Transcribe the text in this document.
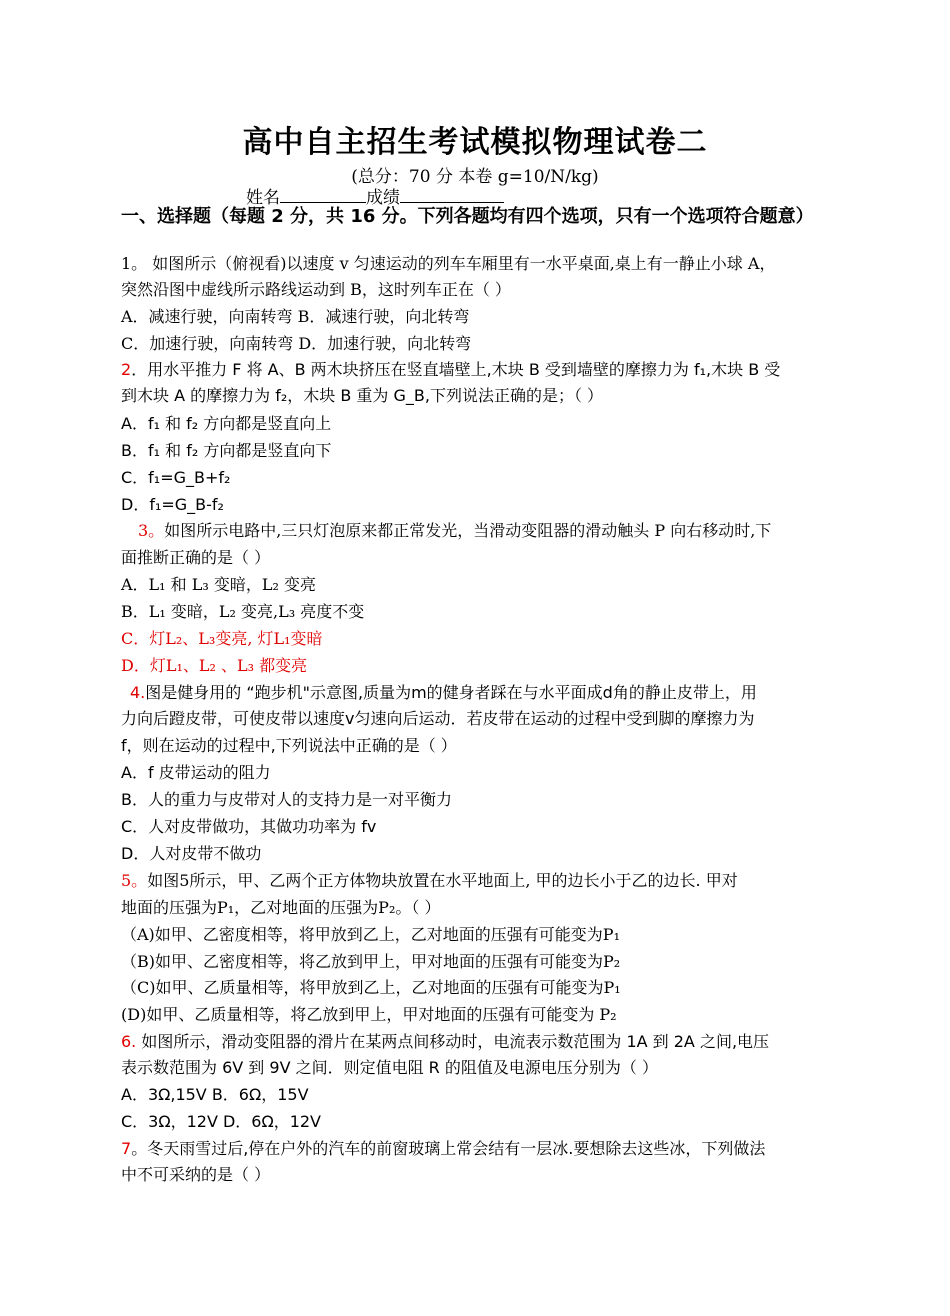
高中自主招生考试模拟物理试卷二
(总分：70 分 本卷 g=10/N/kg)
姓名	成绩
一、选择题（每题 2 分，共 16 分。下列各题均有四个选项，只有一个选项符合题意）
1。 如图所示（俯视看)以速度 v 匀速运动的列车车厢里有一水平桌面,桌上有一静止小球 A，
突然沿图中虚线所示路线运动到 B，这时列车正在（ ）
A．减速行驶，向南转弯 B．减速行驶，向北转弯
C．加速行驶，向南转弯 D．加速行驶，向北转弯
2．用水平推力 F 将 A、B 两木块挤压在竖直墙壁上,木块 B 受到墙壁的摩擦力为 f₁,木块 B 受
到木块 A 的摩擦力为 f₂，木块 B 重为 G_B,下列说法正确的是；（ ）
A．f₁ 和 f₂ 方向都是竖直向上
B．f₁ 和 f₂ 方向都是竖直向下
C．f₁=G_B+f₂
D．f₁=G_B-f₂
3。如图所示电路中,三只灯泡原来都正常发光，当滑动变阻器的滑动触头 P 向右移动时,下
面推断正确的是（ ）
A．L₁ 和 L₃ 变暗，L₂ 变亮
B．L₁ 变暗，L₂ 变亮,L₃ 亮度不变
C．灯L₂、L₃变亮, 灯L₁变暗
D．灯L₁、L₂ 、L₃ 都变亮
4.图是健身用的 “跑步机"示意图,质量为m的健身者踩在与水平面成d角的静止皮带上，用
力向后蹬皮带，可使皮带以速度v匀速向后运动．若皮带在运动的过程中受到脚的摩擦力为
f，则在运动的过程中,下列说法中正确的是（ ）
A．f 皮带运动的阻力
B．人的重力与皮带对人的支持力是一对平衡力
C．人对皮带做功，其做功功率为 fv
D．人对皮带不做功
5。如图5所示，甲、乙两个正方体物块放置在水平地面上, 甲的边长小于乙的边长. 甲对
地面的压强为P₁，乙对地面的压强为P₂。（ ）
（A)如甲、乙密度相等，将甲放到乙上，乙对地面的压强有可能变为P₁
（B)如甲、乙密度相等，将乙放到甲上，甲对地面的压强有可能变为P₂
（C)如甲、乙质量相等，将甲放到乙上，乙对地面的压强有可能变为P₁
(D)如甲、乙质量相等，将乙放到甲上，甲对地面的压强有可能变为 P₂
6. 如图所示，滑动变阻器的滑片在某两点间移动时，电流表示数范围为 1A 到 2A 之间,电压
表示数范围为 6V 到 9V 之间．则定值电阻 R 的阻值及电源电压分别为（ ）
A．3Ω,15V B．6Ω，15V
C．3Ω，12V D．6Ω，12V
7。冬天雨雪过后,停在户外的汽车的前窗玻璃上常会结有一层冰.要想除去这些冰，下列做法
中不可采纳的是（ ）
